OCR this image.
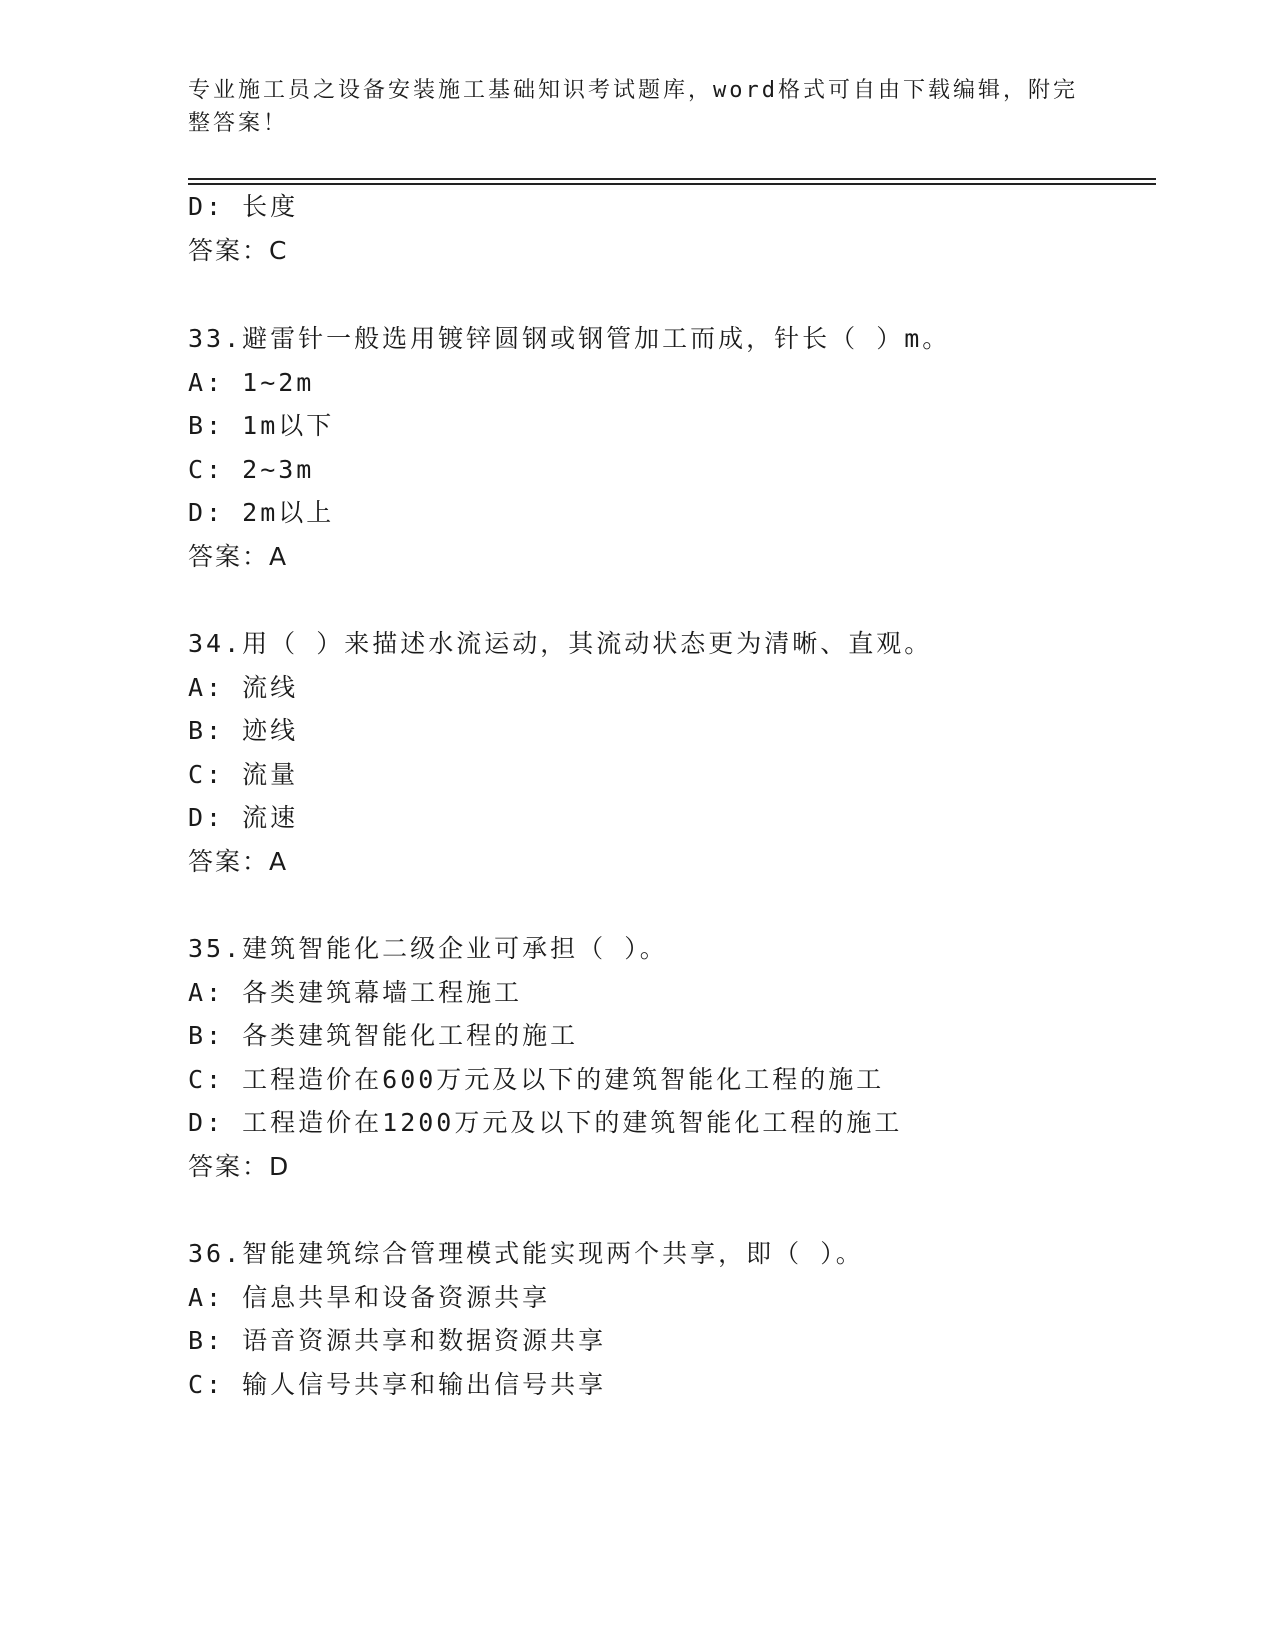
专业施工员之设备安装施工基础知识考试题库，word格式可自由下载编辑，附完
整答案！
D: 长度
答案：C
33.避雷针一般选用镀锌圆钢或钢管加工而成，针长（ ）m。
A: 1~2m
B: 1m以下
C: 2~3m
D: 2m以上
答案：A
34.用（ ）来描述水流运动，其流动状态更为清晰、直观。
A: 流线
B: 迹线
C: 流量
D: 流速
答案：A
35.建筑智能化二级企业可承担（ ）。
A: 各类建筑幕墙工程施工
B: 各类建筑智能化工程的施工
C: 工程造价在600万元及以下的建筑智能化工程的施工
D: 工程造价在1200万元及以下的建筑智能化工程的施工
答案：D
36.智能建筑综合管理模式能实现两个共享，即（ ）。
A: 信息共旱和设备资源共享
B: 语音资源共享和数据资源共享
C: 输人信号共享和输出信号共享
